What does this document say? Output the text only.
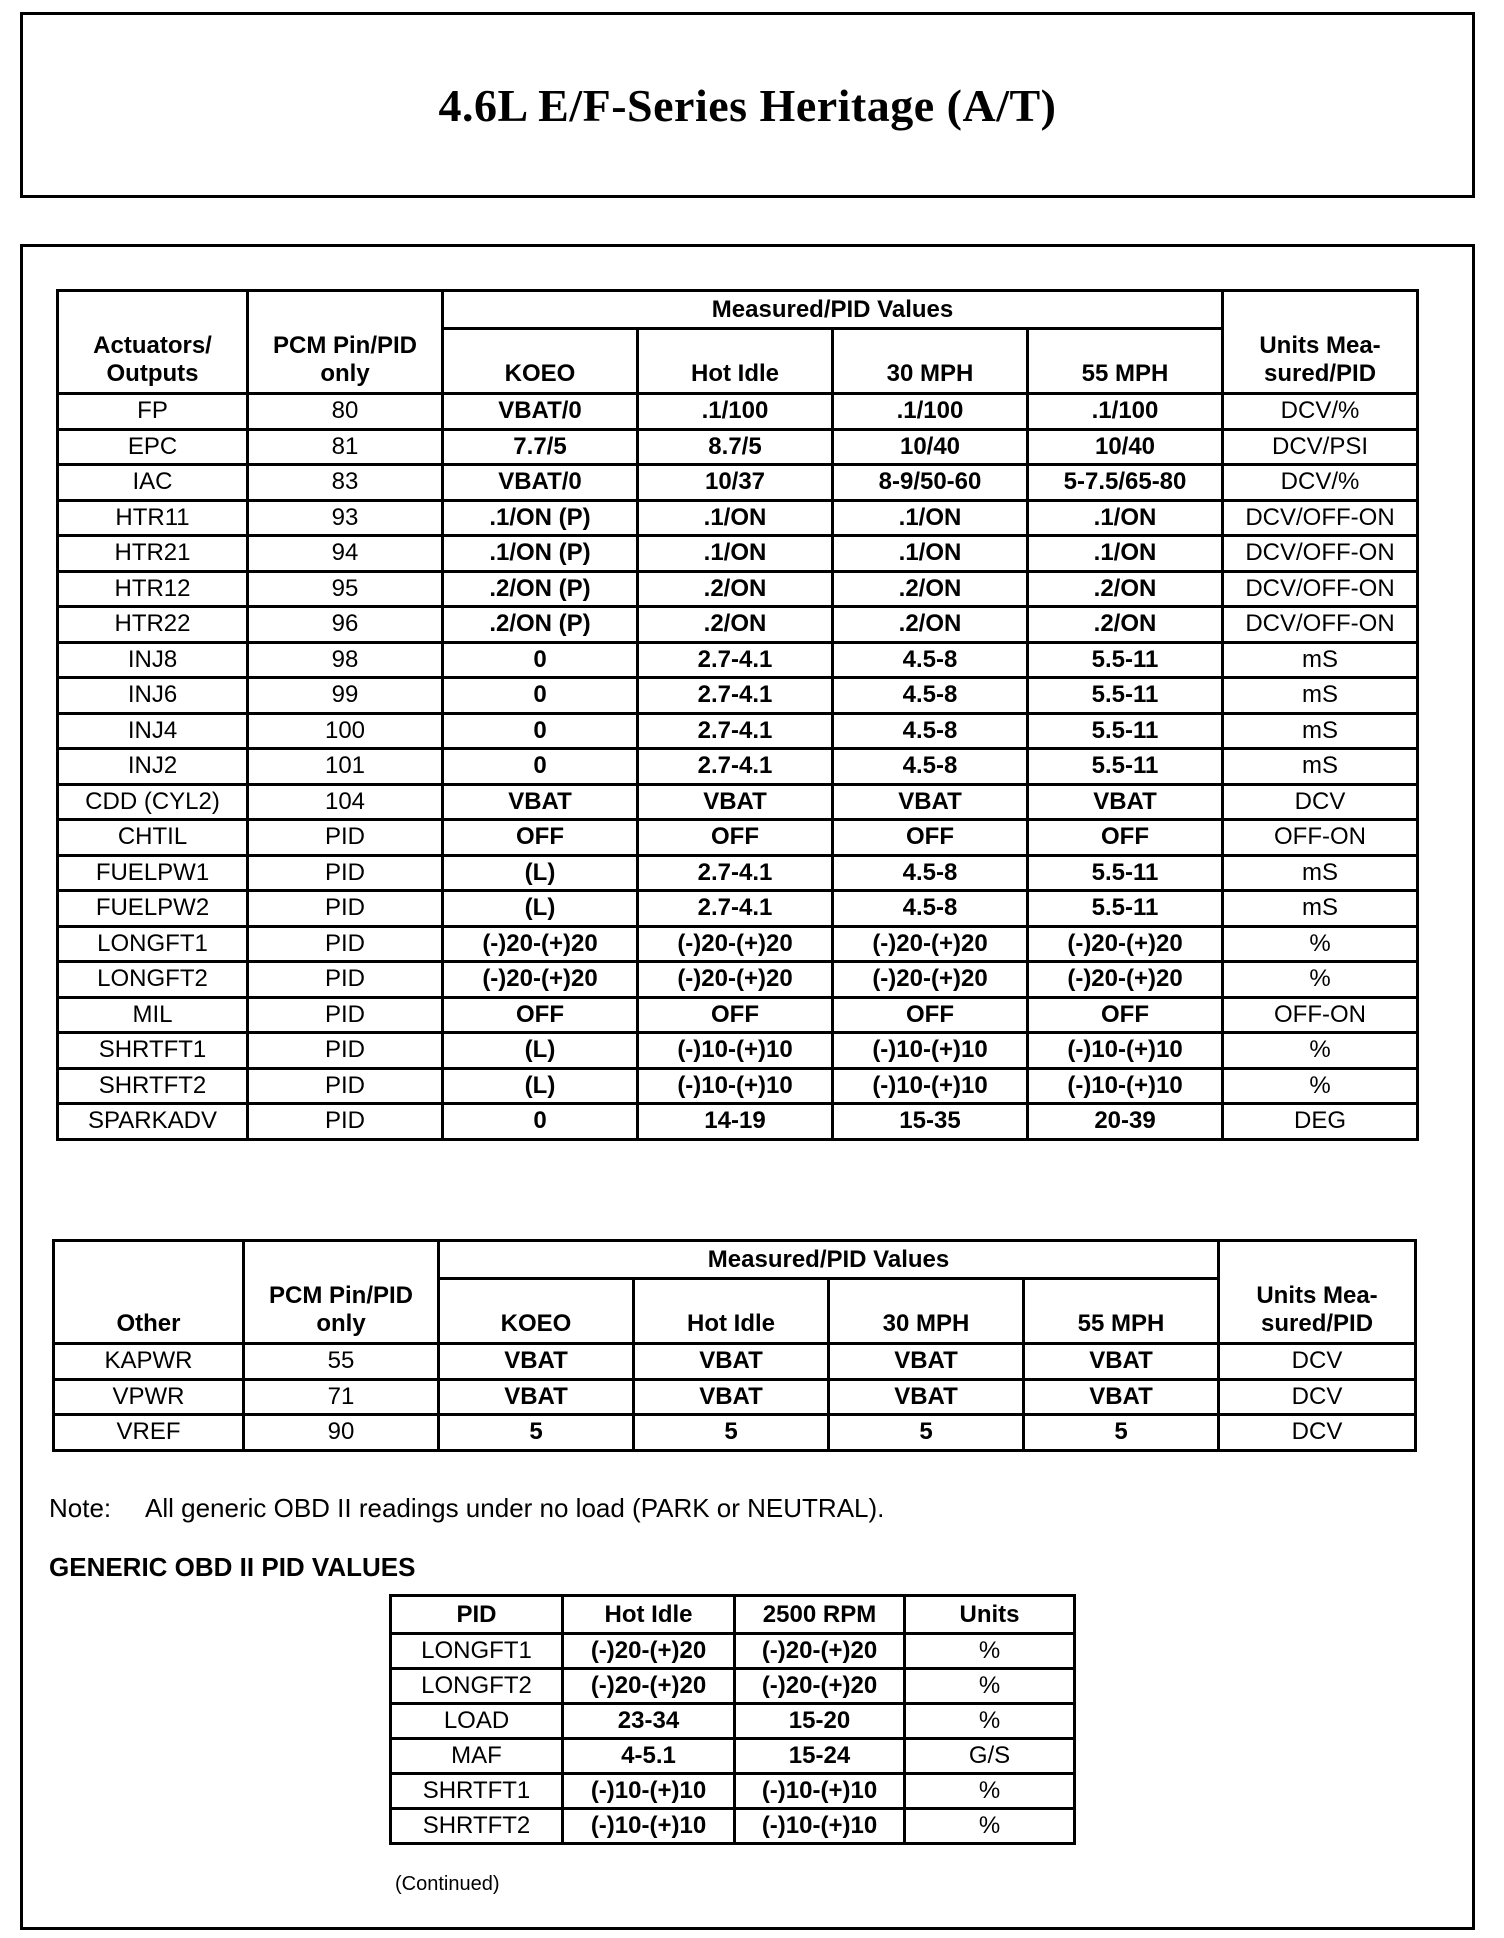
4.6L E/F-Series Heritage (A/T)
Actuators/ Outputs	PCM Pin/PID only	Measured/PID Values				Units Mea-sured/PID
		KOEO	Hot Idle	30 MPH	55 MPH	
FP	80	VBAT/0	.1/100	.1/100	.1/100	DCV/%
EPC	81	7.7/5	8.7/5	10/40	10/40	DCV/PSI
IAC	83	VBAT/0	10/37	8-9/50-60	5-7.5/65-80	DCV/%
HTR11	93	.1/ON (P)	.1/ON	.1/ON	.1/ON	DCV/OFF-ON
HTR21	94	.1/ON (P)	.1/ON	.1/ON	.1/ON	DCV/OFF-ON
HTR12	95	.2/ON (P)	.2/ON	.2/ON	.2/ON	DCV/OFF-ON
HTR22	96	.2/ON (P)	.2/ON	.2/ON	.2/ON	DCV/OFF-ON
INJ8	98	0	2.7-4.1	4.5-8	5.5-11	mS
INJ6	99	0	2.7-4.1	4.5-8	5.5-11	mS
INJ4	100	0	2.7-4.1	4.5-8	5.5-11	mS
INJ2	101	0	2.7-4.1	4.5-8	5.5-11	mS
CDD (CYL2)	104	VBAT	VBAT	VBAT	VBAT	DCV
CHTIL	PID	OFF	OFF	OFF	OFF	OFF-ON
FUELPW1	PID	(L)	2.7-4.1	4.5-8	5.5-11	mS
FUELPW2	PID	(L)	2.7-4.1	4.5-8	5.5-11	mS
LONGFT1	PID	(-)20-(+)20	(-)20-(+)20	(-)20-(+)20	(-)20-(+)20	%
LONGFT2	PID	(-)20-(+)20	(-)20-(+)20	(-)20-(+)20	(-)20-(+)20	%
MIL	PID	OFF	OFF	OFF	OFF	OFF-ON
SHRTFT1	PID	(L)	(-)10-(+)10	(-)10-(+)10	(-)10-(+)10	%
SHRTFT2	PID	(L)	(-)10-(+)10	(-)10-(+)10	(-)10-(+)10	%
SPARKADV	PID	0	14-19	15-35	20-39	DEG
Other	PCM Pin/PID only	Measured/PID Values				Units Mea-sured/PID
		KOEO	Hot Idle	30 MPH	55 MPH	
KAPWR	55	VBAT	VBAT	VBAT	VBAT	DCV
VPWR	71	VBAT	VBAT	VBAT	VBAT	DCV
VREF	90	5	5	5	5	DCV
Note: All generic OBD II readings under no load (PARK or NEUTRAL).
GENERIC OBD II PID VALUES
PID	Hot Idle	2500 RPM	Units
LONGFT1	(-)20-(+)20	(-)20-(+)20	%
LONGFT2	(-)20-(+)20	(-)20-(+)20	%
LOAD	23-34	15-20	%
MAF	4-5.1	15-24	G/S
SHRTFT1	(-)10-(+)10	(-)10-(+)10	%
SHRTFT2	(-)10-(+)10	(-)10-(+)10	%
(Continued)
